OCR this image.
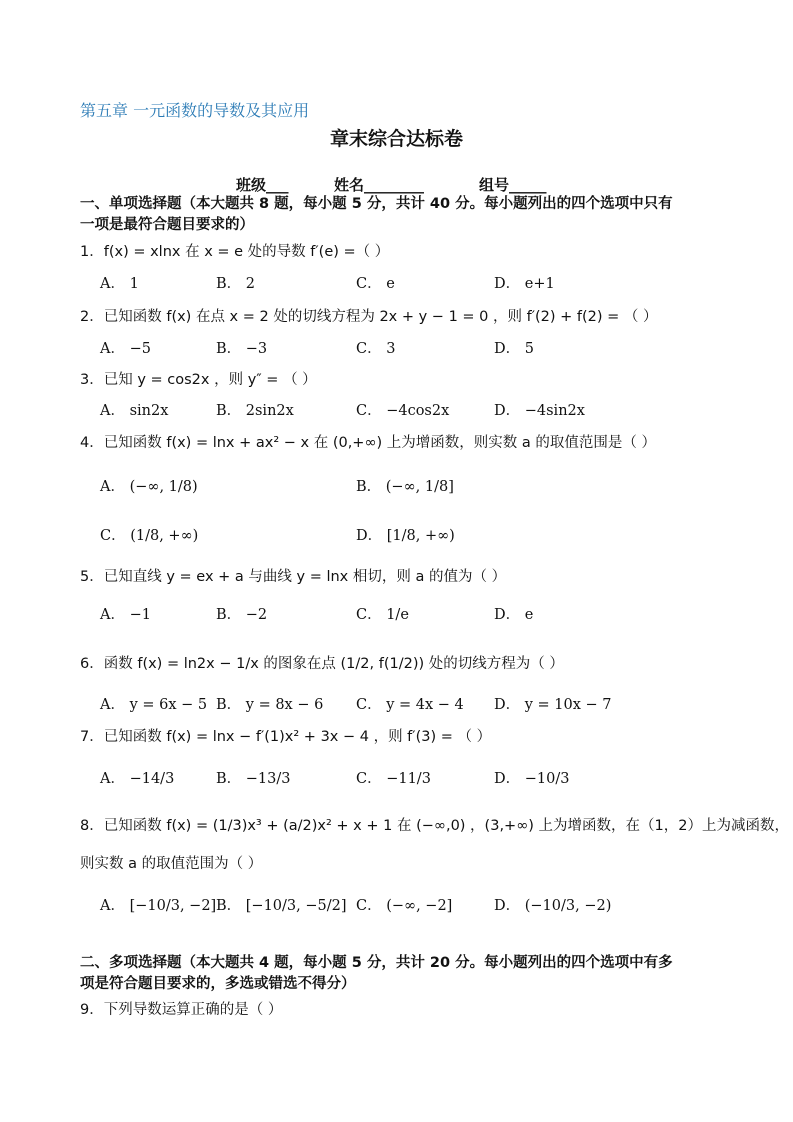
第五章 一元函数的导数及其应用
章末综合达标卷
班级___	姓名________	组号_____
一、单项选择题（本大题共 8 题，每小题 5 分，共计 40 分。每小题列出的四个选项中只有
一项是最符合题目要求的）
1．f(x) = xlnx 在 x = e 处的导数 f′(e) =（ ）
A． 1	B． 2	C． e	D． e+1
2．已知函数 f(x) 在点 x = 2 处的切线方程为 2x + y − 1 = 0 ，则 f′(2) + f(2) = （ ）
A． −5	B． −3	C． 3	D． 5
3．已知 y = cos2x ，则 y″ = （ ）
A． sin2x	B． 2sin2x	C． −4cos2x	D． −4sin2x
4．已知函数 f(x) = lnx + ax² − x 在 (0,+∞) 上为增函数，则实数 a 的取值范围是（ ）
A． (−∞, 1/8)	B． (−∞, 1/8]
C． (1/8, +∞)	D． [1/8, +∞)
5．已知直线 y = ex + a 与曲线 y = lnx 相切，则 a 的值为（ ）
A． −1	B． −2	C． 1/e	D． e
6．函数 f(x) = ln2x − 1/x 的图象在点 (1/2, f(1/2)) 处的切线方程为（ ）
A． y = 6x − 5 B． y = 8x − 6 C． y = 4x − 4 D． y = 10x − 7
7．已知函数 f(x) = lnx − f′(1)x² + 3x − 4 ，则 f′(3) = （ ）
A． −14/3	B． −13/3	C． −11/3	D． −10/3
8．已知函数 f(x) = (1/3)x³ + (a/2)x² + x + 1 在 (−∞,0) ，(3,+∞) 上为增函数，在（1，2）上为减函数，
则实数 a 的取值范围为（ ）
A． [−10/3, −2] B． [−10/3, −5/2] C． (−∞, −2]	D． (−10/3, −2)
二、多项选择题（本大题共 4 题，每小题 5 分，共计 20 分。每小题列出的四个选项中有多
项是符合题目要求的，多选或错选不得分）
9．下列导数运算正确的是（ ）
